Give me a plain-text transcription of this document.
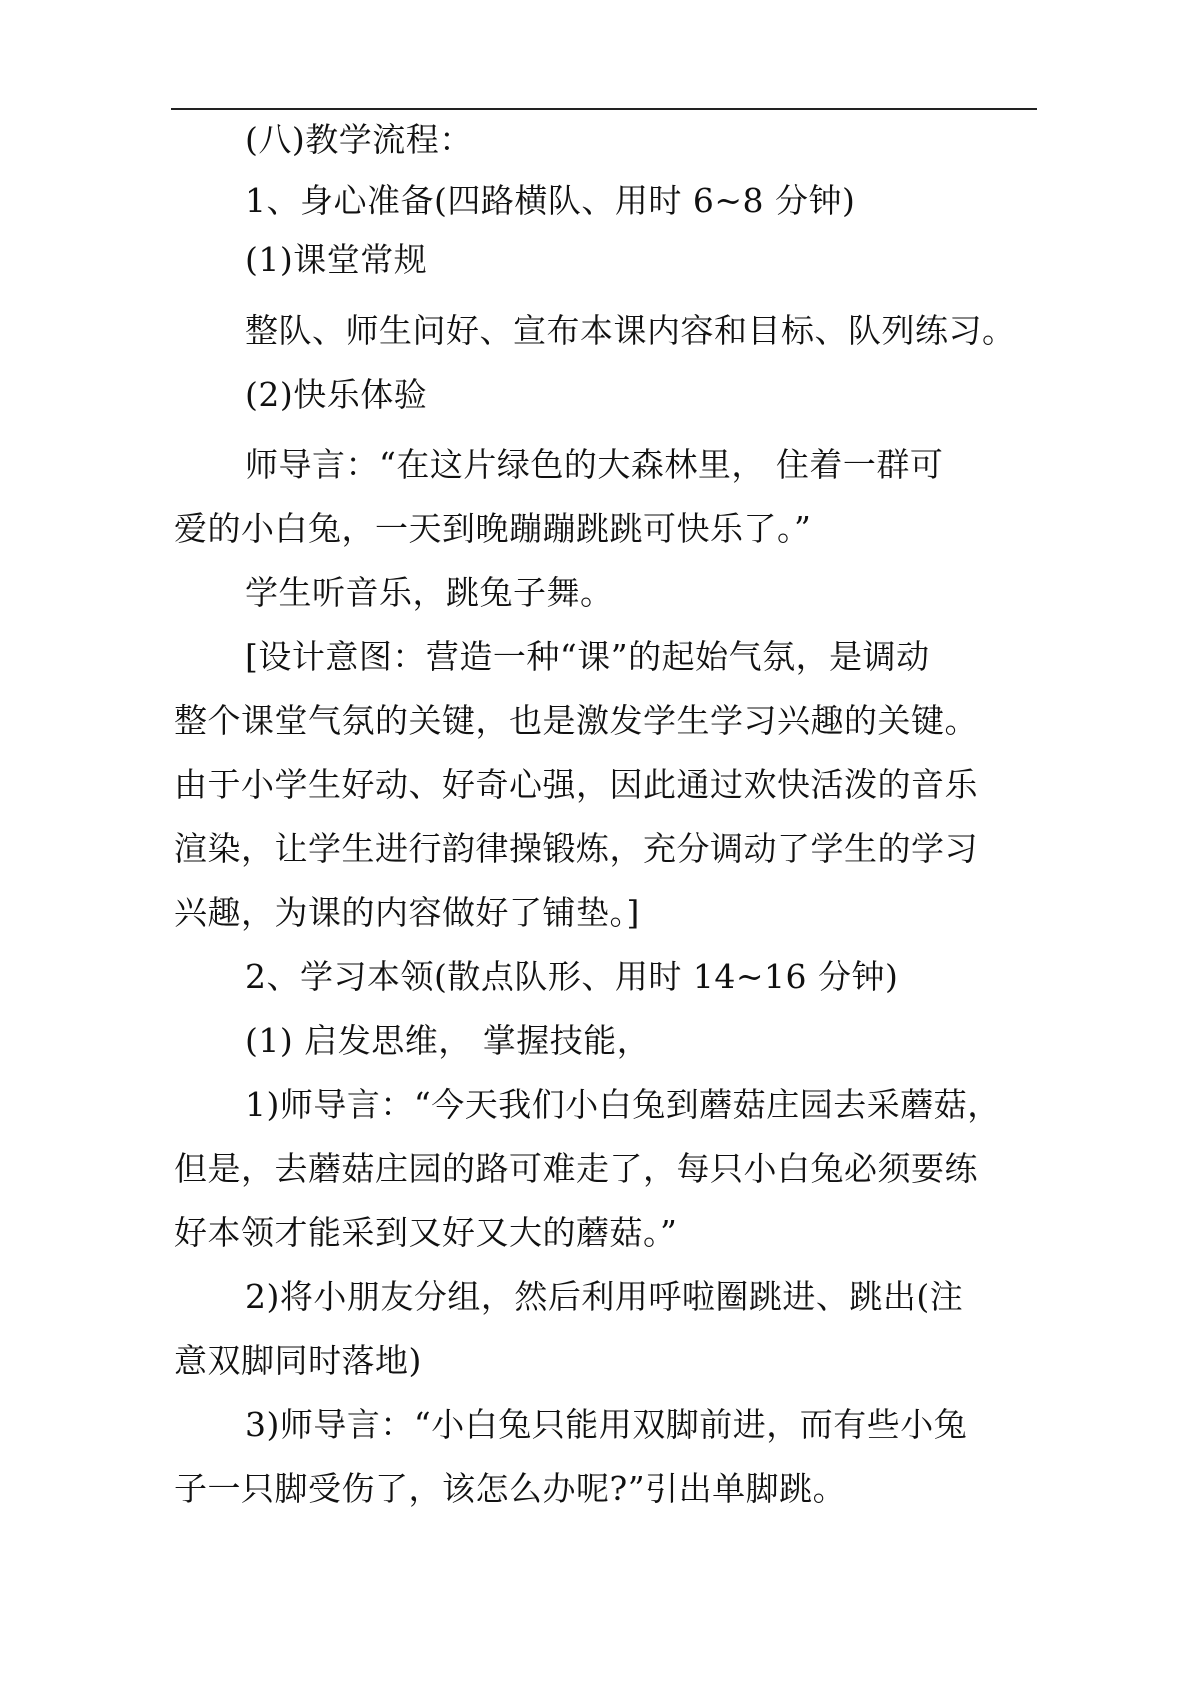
(八)教学流程：
1、身心准备(四路横队、用时 6~8 分钟)
(1)课堂常规
整队、师生问好、宣布本课内容和目标、队列练习。
(2)快乐体验
师导言：“在这片绿色的大森林里， 住着一群可
爱的小白兔，一天到晚蹦蹦跳跳可快乐了。”
学生听音乐，跳兔子舞。
[设计意图：营造一种“课”的起始气氛，是调动
整个课堂气氛的关键，也是激发学生学习兴趣的关键。
由于小学生好动、好奇心强，因此通过欢快活泼的音乐
渲染，让学生进行韵律操锻炼，充分调动了学生的学习
兴趣，为课的内容做好了铺垫。]
2、学习本领(散点队形、用时 14~16 分钟)
(1) 启发思维， 掌握技能，
1)师导言：“今天我们小白兔到蘑菇庄园去采蘑菇，
但是，去蘑菇庄园的路可难走了，每只小白兔必须要练
好本领才能采到又好又大的蘑菇。”
2)将小朋友分组，然后利用呼啦圈跳进、跳出(注
意双脚同时落地)
3)师导言：“小白兔只能用双脚前进，而有些小兔
子一只脚受伤了，该怎么办呢?”引出单脚跳。
